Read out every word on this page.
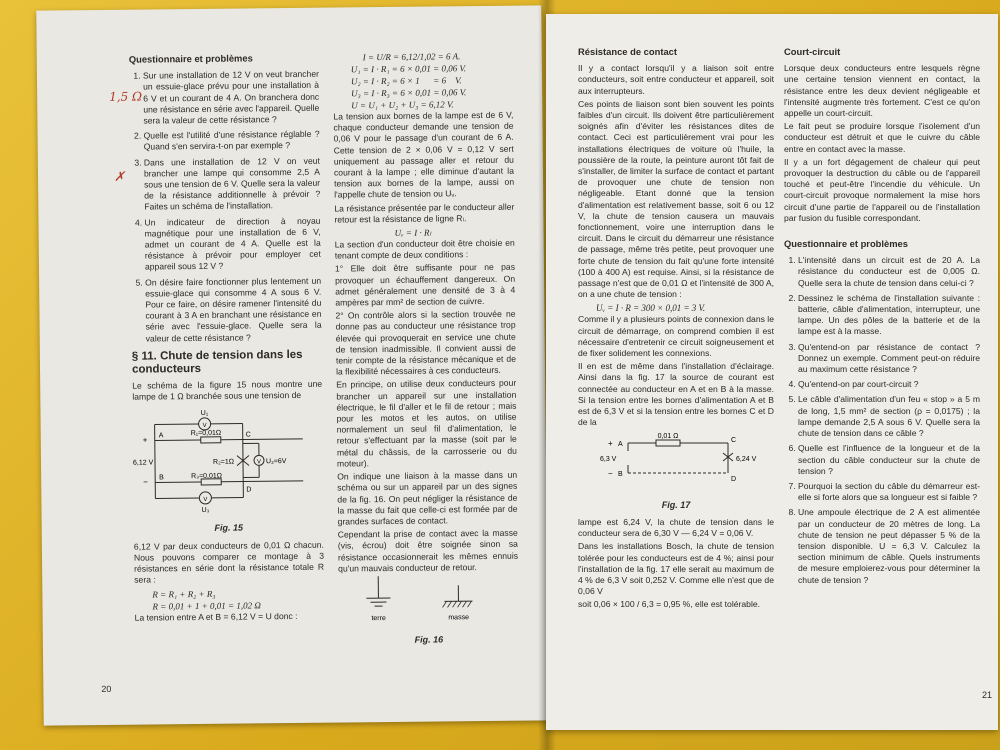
Questionnaire et problèmes
1. Sur une installation de 12 V on veut brancher un essuie-glace prévu pour une installation à 6 V et un courant de 4 A. On branchera donc une résistance en série avec l'appareil. Quelle sera la valeur de cette résistance ?
2. Quelle est l'utilité d'une résistance réglable ? Quand s'en servira-t-on par exemple ?
3. Dans une installation de 12 V on veut brancher une lampe qui consomme 2,5 A sous une tension de 6 V. Quelle sera la valeur de la résistance additionnelle à prévoir ? Faites un schéma de l'installation.
4. Un indicateur de direction à noyau magnétique pour une installation de 6 V, admet un courant de 4 A. Quelle est la résistance à prévoir pour employer cet appareil sous 12 V ?
5. On désire faire fonctionner plus lentement un essuie-glace qui consomme 4 A sous 6 V. Pour ce faire, on désire ramener l'intensité du courant à 3 A en branchant une résistance en série avec l'essuie-glace. Quelle sera la valeur de cette résistance ?
§ 11. Chute de tension dans les conducteurs

Le schéma de la figure 15 nous montre une lampe de 1 Ω branchée sous une tension de

V
V
V
U₁
U₃
U₂=6V
R₁=0,01Ω
R₃=0,01Ω
R₂=1Ω
A
B
C
D
+
−
6,12 V
Fig. 15

6,12 V par deux conducteurs de 0,01 Ω chacun. Nous pouvons comparer ce montage à 3 résistances en série dont la résistance totale R sera :

R = R₁ + R₂ + R₃
R = 0,01 + 1 + 0,01 = 1,02 Ω

La tension entre A et B = 6,12 V = U donc :

1,5 Ω
✗
I = U/R = 6,12/1,02 = 6 A.
U₁ = I · R₁ = 6 × 0,01 = 0,06 V.
U₂ = I · R₂ = 6 × 1      = 6    V.
U₃ = I · R₃ = 6 × 0,01 = 0,06 V.
U = U₁ + U₂ + U₃ = 6,12 V.

La tension aux bornes de la lampe est de 6 V, chaque conducteur demande une tension de 0,06 V pour le passage d'un courant de 6 A. Cette tension de 2 × 0,06 V = 0,12 V sert uniquement au passage aller et retour du courant à la lampe ; elle diminue d'autant la tension aux bornes de la lampe, aussi on l'appelle chute de tension ou Uᵥ.

La résistance présentée par le conducteur aller retour est la résistance de ligne Rₗ.

Uᵥ = I · Rₗ

La section d'un conducteur doit être choisie en tenant compte de deux conditions :

1° Elle doit être suffisante pour ne pas provoquer un échauffement dangereux. On admet généralement une densité de 3 à 4 ampères par mm² de section de cuivre.

2° On contrôle alors si la section trouvée ne donne pas au conducteur une résistance trop élevée qui provoquerait en service une chute de tension inadmissible. Il convient aussi de tenir compte de la résistance mécanique et de la flexibilité nécessaires à ces conducteurs.

En principe, on utilise deux conducteurs pour brancher un appareil sur une installation électrique, le fil d'aller et le fil de retour ; mais pour les motos et les autos, on utilise normalement un seul fil d'alimentation, le retour s'effectuant par la masse (soit par le métal du châssis, de la carrosserie ou du moteur).

On indique une liaison à la masse dans un schéma ou sur un appareil par un des signes de la fig. 16. On peut négliger la résistance de la masse du fait que celle-ci est formée par de grandes surfaces de contact.

Cependant la prise de contact avec la masse (vis, écrou) doit être soignée sinon sa résistance occasionnerait les mêmes ennuis qu'un mauvais conducteur de retour.

terre	masse
Fig. 16
20
Résistance de contact

Il y a contact lorsqu'il y a liaison soit entre conducteurs, soit entre conducteur et appareil, soit aux interrupteurs.

Ces points de liaison sont bien souvent les points faibles d'un circuit. Ils doivent être particulièrement soignés afin d'éviter les résistances dites de contact. Ceci est particulièrement vrai pour les installations électriques de voiture où l'huile, la poussière de la route, la peinture auront tôt fait de s'installer, de limiter la surface de contact et partant de provoquer une chute de tension non négligeable. Etant donné que la tension d'alimentation est relativement basse, soit 6 ou 12 V, la chute de tension causera un mauvais fonctionnement, voire une interruption dans le circuit. Dans le circuit du démarreur une résistance de passage, même très petite, peut provoquer une forte chute de tension du fait qu'une forte intensité (100 à 400 A) est requise. Ainsi, si la résistance de passage n'est que de 0,01 Ω et l'intensité de 300 A, on a une chute de tension :

Uᵥ = I · R = 300 × 0,01 = 3 V.

Comme il y a plusieurs points de connexion dans le circuit de démarrage, on comprend combien il est nécessaire d'entretenir ce circuit soigneusement et de fixer solidement les connexions.

Il en est de même dans l'installation d'éclairage. Ainsi dans la fig. 17 la source de courant est connectée au conducteur en A et en B à la masse. Si la tension entre les bornes d'alimentation A et B est de 6,3 V et si la tension entre les bornes C et D de la

0,01 Ω
6,3 V	6,24 V
A
B
C
D
+
−
Fig. 17

lampe est 6,24 V, la chute de tension dans le conducteur sera de 6,30 V — 6,24 V = 0,06 V.

Dans les installations Bosch, la chute de tension tolérée pour les conducteurs est de 4 %; ainsi pour l'installation de la fig. 17 elle serait au maximum de 4 % de 6,3 V soit 0,252 V. Comme elle n'est que de 0,06 V

soit 0,06 × 100 / 6,3 = 0,95 %, elle est tolérable.

Court-circuit

Lorsque deux conducteurs entre lesquels règne une certaine tension viennent en contact, la résistance entre les deux devient négligeable et l'intensité augmente très fortement. C'est ce qu'on appelle un court-circuit.

Le fait peut se produire lorsque l'isolement d'un conducteur est détruit et que le cuivre du câble entre en contact avec la masse.

Il y a un fort dégagement de chaleur qui peut provoquer la destruction du câble ou de l'appareil touché et peut-être l'incendie du véhicule. Un court-circuit provoque normalement la mise hors circuit d'une partie de l'appareil ou de l'installation par fusion du fusible correspondant.

Questionnaire et problèmes
1. L'intensité dans un circuit est de 20 A. La résistance du conducteur est de 0,005 Ω. Quelle sera la chute de tension dans celui-ci ?
2. Dessinez le schéma de l'installation suivante : batterie, câble d'alimentation, interrupteur, une lampe. Un des pôles de la batterie et de la lampe est à la masse.
3. Qu'entend-on par résistance de contact ? Donnez un exemple. Comment peut-on réduire au maximum cette résistance ?
4. Qu'entend-on par court-circuit ?
5. Le câble d'alimentation d'un feu « stop » a 5 m de long, 1,5 mm² de section (ρ = 0,0175) ; la lampe demande 2,5 A sous 6 V. Quelle sera la chute de tension dans ce câble ?
6. Quelle est l'influence de la longueur et de la section du câble conducteur sur la chute de tension ?
7. Pourquoi la section du câble du démarreur est-elle si forte alors que sa longueur est si faible ?
8. Une ampoule électrique de 2 A est alimentée par un conducteur de 20 mètres de long. La chute de tension ne peut dépasser 5 % de la tension disponible. U = 6,3 V. Calculez la section minimum de câble. Quels instruments de mesure emploierez-vous pour déterminer la chute de tension ?
21
